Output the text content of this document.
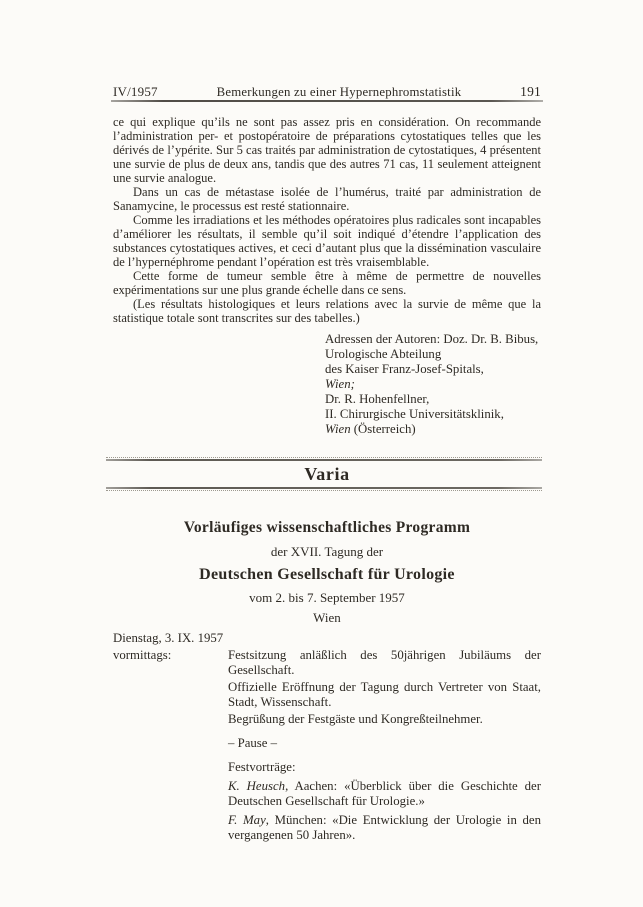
IV/1957	Bemerkungen zu einer Hypernephromstatistik	191

ce qui explique qu’ils ne sont pas assez pris en considération. On recommande l’administration per- et postopératoire de préparations cytostatiques telles que les dérivés de l’ypérite. Sur 5 cas traités par administration de cytostatiques, 4 présentent une survie de plus de deux ans, tandis que des autres 71 cas, 11 seulement atteignent une survie analogue.

Dans un cas de métastase isolée de l’humérus, traité par administration de Sanamycine, le processus est resté stationnaire.

Comme les irradiations et les méthodes opératoires plus radicales sont incapables d’améliorer les résultats, il semble qu’il soit indiqué d’étendre l’application des substances cytostatiques actives, et ceci d’autant plus que la dissémination vasculaire de l’hypernéphrome pendant l’opération est très vraisemblable.

Cette forme de tumeur semble être à même de permettre de nouvelles expérimentations sur une plus grande échelle dans ce sens.

(Les résultats histologiques et leurs relations avec la survie de même que la statistique totale sont transcrites sur des tabelles.)

Adressen der Autoren: Doz. Dr. B. Bibus,
Urologische Abteilung
des Kaiser Franz-Josef-Spitals,
Wien;
Dr. R. Hohenfellner,
II. Chirurgische Universitätsklinik,
Wien (Österreich)
Varia
Vorläufiges wissenschaftliches Programm
der XVII. Tagung der
Deutschen Gesellschaft für Urologie
vom 2. bis 7. September 1957
Wien
Dienstag, 3. IX. 1957
vormittags:	Festsitzung anläßlich des 50jährigen Jubiläums der Gesellschaft.
Offizielle Eröffnung der Tagung durch Vertreter von Staat, Stadt, Wissenschaft.
Begrüßung der Festgäste und Kongreßteilnehmer.
– Pause –
Festvorträge:
K. Heusch, Aachen: «Überblick über die Geschichte der Deutschen Gesellschaft für Urologie.»
F. May, München: «Die Entwicklung der Urologie in den vergangenen 50 Jahren».
